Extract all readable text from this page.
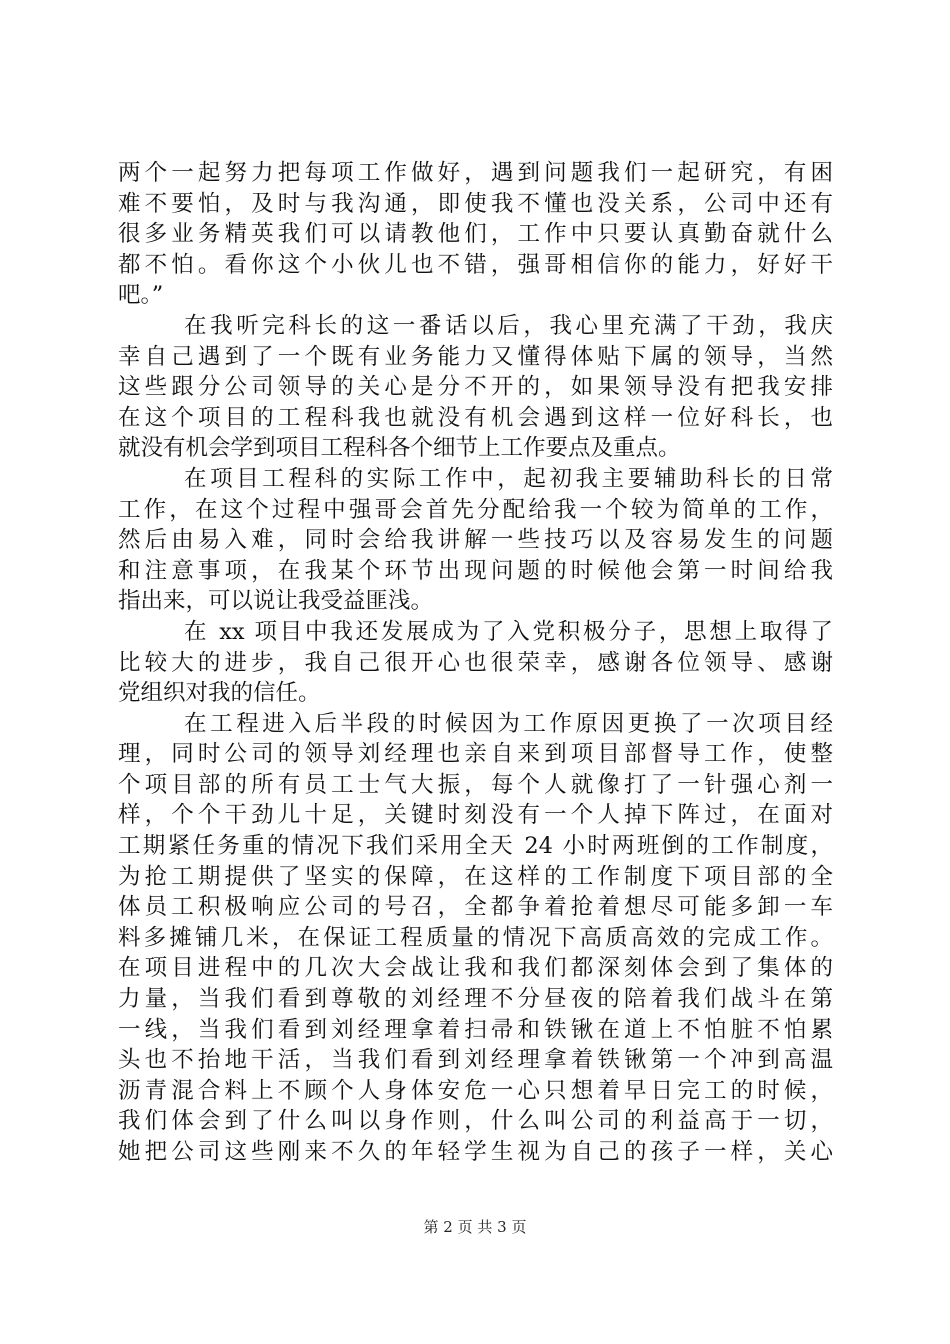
两个一起努力把每项工作做好，遇到问题我们一起研究，有困
难不要怕，及时与我沟通，即使我不懂也没关系，公司中还有
很多业务精英我们可以请教他们，工作中只要认真勤奋就什么
都不怕。看你这个小伙儿也不错，强哥相信你的能力，好好干
吧。”
在我听完科长的这一番话以后，我心里充满了干劲，我庆
幸自己遇到了一个既有业务能力又懂得体贴下属的领导，当然
这些跟分公司领导的关心是分不开的，如果领导没有把我安排
在这个项目的工程科我也就没有机会遇到这样一位好科长，也
就没有机会学到项目工程科各个细节上工作要点及重点。
在项目工程科的实际工作中，起初我主要辅助科长的日常
工作，在这个过程中强哥会首先分配给我一个较为简单的工作，
然后由易入难，同时会给我讲解一些技巧以及容易发生的问题
和注意事项，在我某个环节出现问题的时候他会第一时间给我
指出来，可以说让我受益匪浅。
在 xx 项目中我还发展成为了入党积极分子，思想上取得了
比较大的进步，我自己很开心也很荣幸，感谢各位领导、感谢
党组织对我的信任。
在工程进入后半段的时候因为工作原因更换了一次项目经
理，同时公司的领导刘经理也亲自来到项目部督导工作，使整
个项目部的所有员工士气大振，每个人就像打了一针强心剂一
样，个个干劲儿十足，关键时刻没有一个人掉下阵过，在面对
工期紧任务重的情况下我们采用全天 24 小时两班倒的工作制度，
为抢工期提供了坚实的保障，在这样的工作制度下项目部的全
体员工积极响应公司的号召，全都争着抢着想尽可能多卸一车
料多摊铺几米，在保证工程质量的情况下高质高效的完成工作。
在项目进程中的几次大会战让我和我们都深刻体会到了集体的
力量，当我们看到尊敬的刘经理不分昼夜的陪着我们战斗在第
一线，当我们看到刘经理拿着扫帚和铁锹在道上不怕脏不怕累
头也不抬地干活，当我们看到刘经理拿着铁锹第一个冲到高温
沥青混合料上不顾个人身体安危一心只想着早日完工的时候，
我们体会到了什么叫以身作则，什么叫公司的利益高于一切，
她把公司这些刚来不久的年轻学生视为自己的孩子一样，关心
第 2 页 共 3 页
